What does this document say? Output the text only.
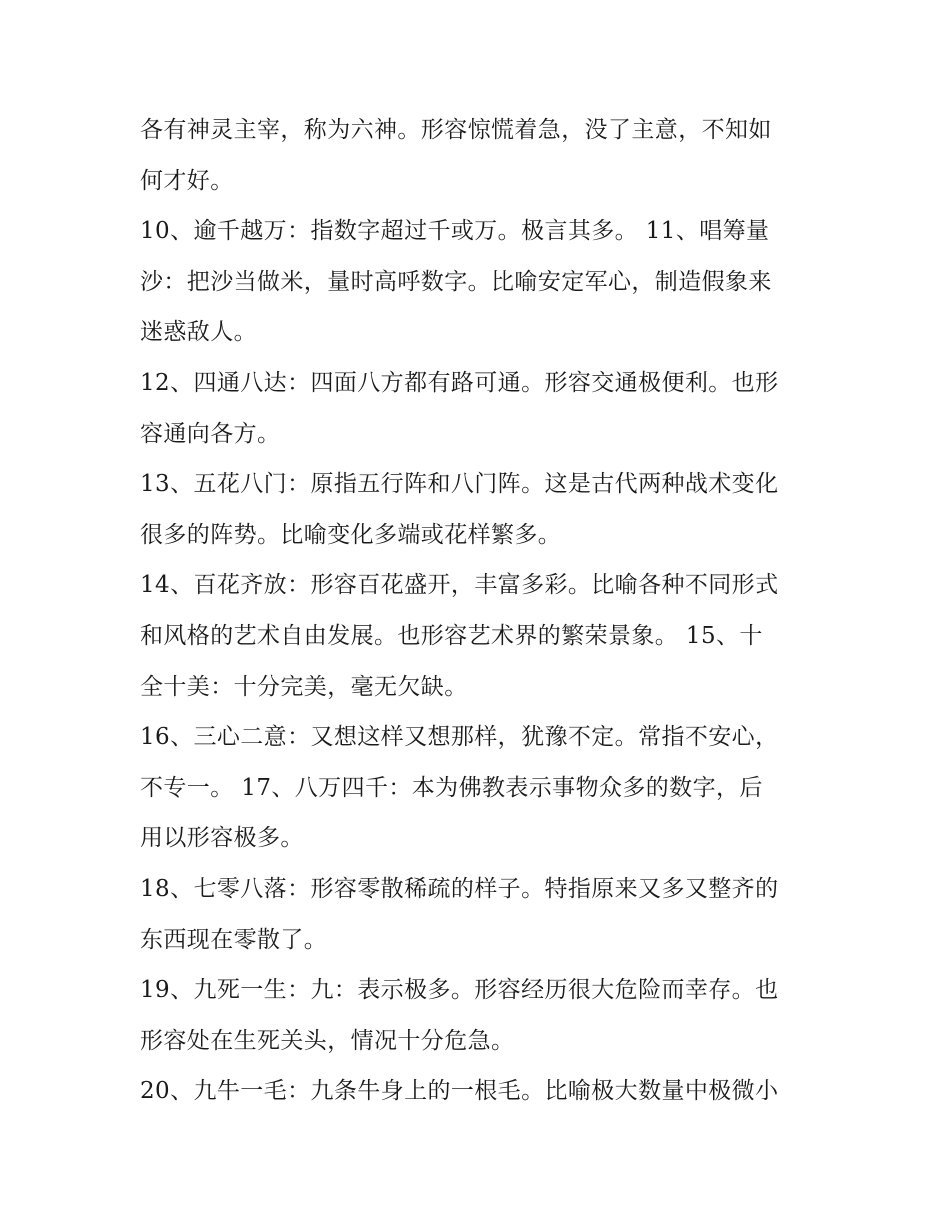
各有神灵主宰，称为六神。形容惊慌着急，没了主意，不知如
何才好。
10、逾千越万：指数字超过千或万。极言其多。 11、唱筹量
沙：把沙当做米，量时高呼数字。比喻安定军心，制造假象来
迷惑敌人。
12、四通八达：四面八方都有路可通。形容交通极便利。也形
容通向各方。
13、五花八门：原指五行阵和八门阵。这是古代两种战术变化
很多的阵势。比喻变化多端或花样繁多。
14、百花齐放：形容百花盛开，丰富多彩。比喻各种不同形式
和风格的艺术自由发展。也形容艺术界的繁荣景象。 15、十
全十美：十分完美，毫无欠缺。
16、三心二意：又想这样又想那样，犹豫不定。常指不安心，
不专一。 17、八万四千：本为佛教表示事物众多的数字，后
用以形容极多。
18、七零八落：形容零散稀疏的样子。特指原来又多又整齐的
东西现在零散了。
19、九死一生：九：表示极多。形容经历很大危险而幸存。也
形容处在生死关头，情况十分危急。
20、九牛一毛：九条牛身上的一根毛。比喻极大数量中极微小
